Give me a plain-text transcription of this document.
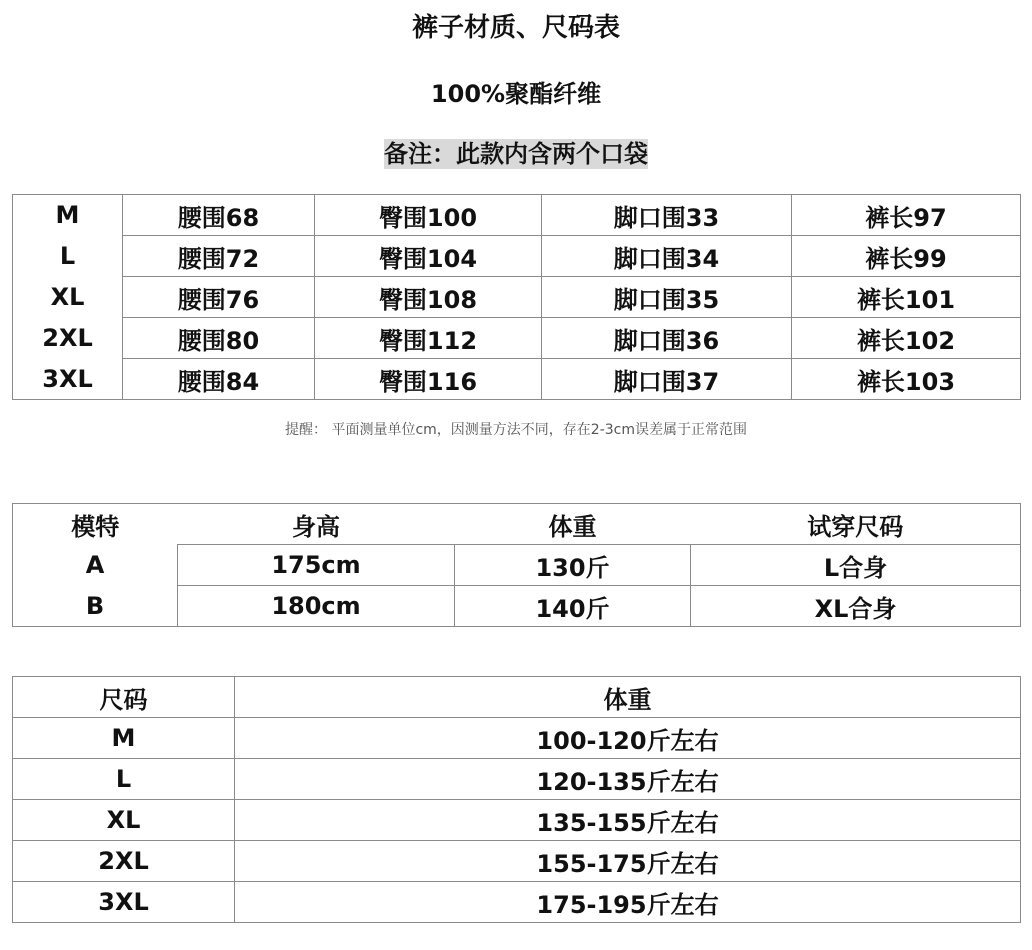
裤子材质、尺码表
100%聚酯纤维
备注：此款内含两个口袋
M	腰围68	臀围100	脚口围33	裤长97
L	腰围72	臀围104	脚口围34	裤长99
XL	腰围76	臀围108	脚口围35	裤长101
2XL	腰围80	臀围112	脚口围36	裤长102
3XL	腰围84	臀围116	脚口围37	裤长103
提醒： 平面测量单位cm，因测量方法不同，存在2-3cm误差属于正常范围
模特	身高	体重	试穿尺码
A	175cm	130斤	L合身
B	180cm	140斤	XL合身
尺码	体重
M	100-120斤左右
L	120-135斤左右
XL	135-155斤左右
2XL	155-175斤左右
3XL	175-195斤左右
